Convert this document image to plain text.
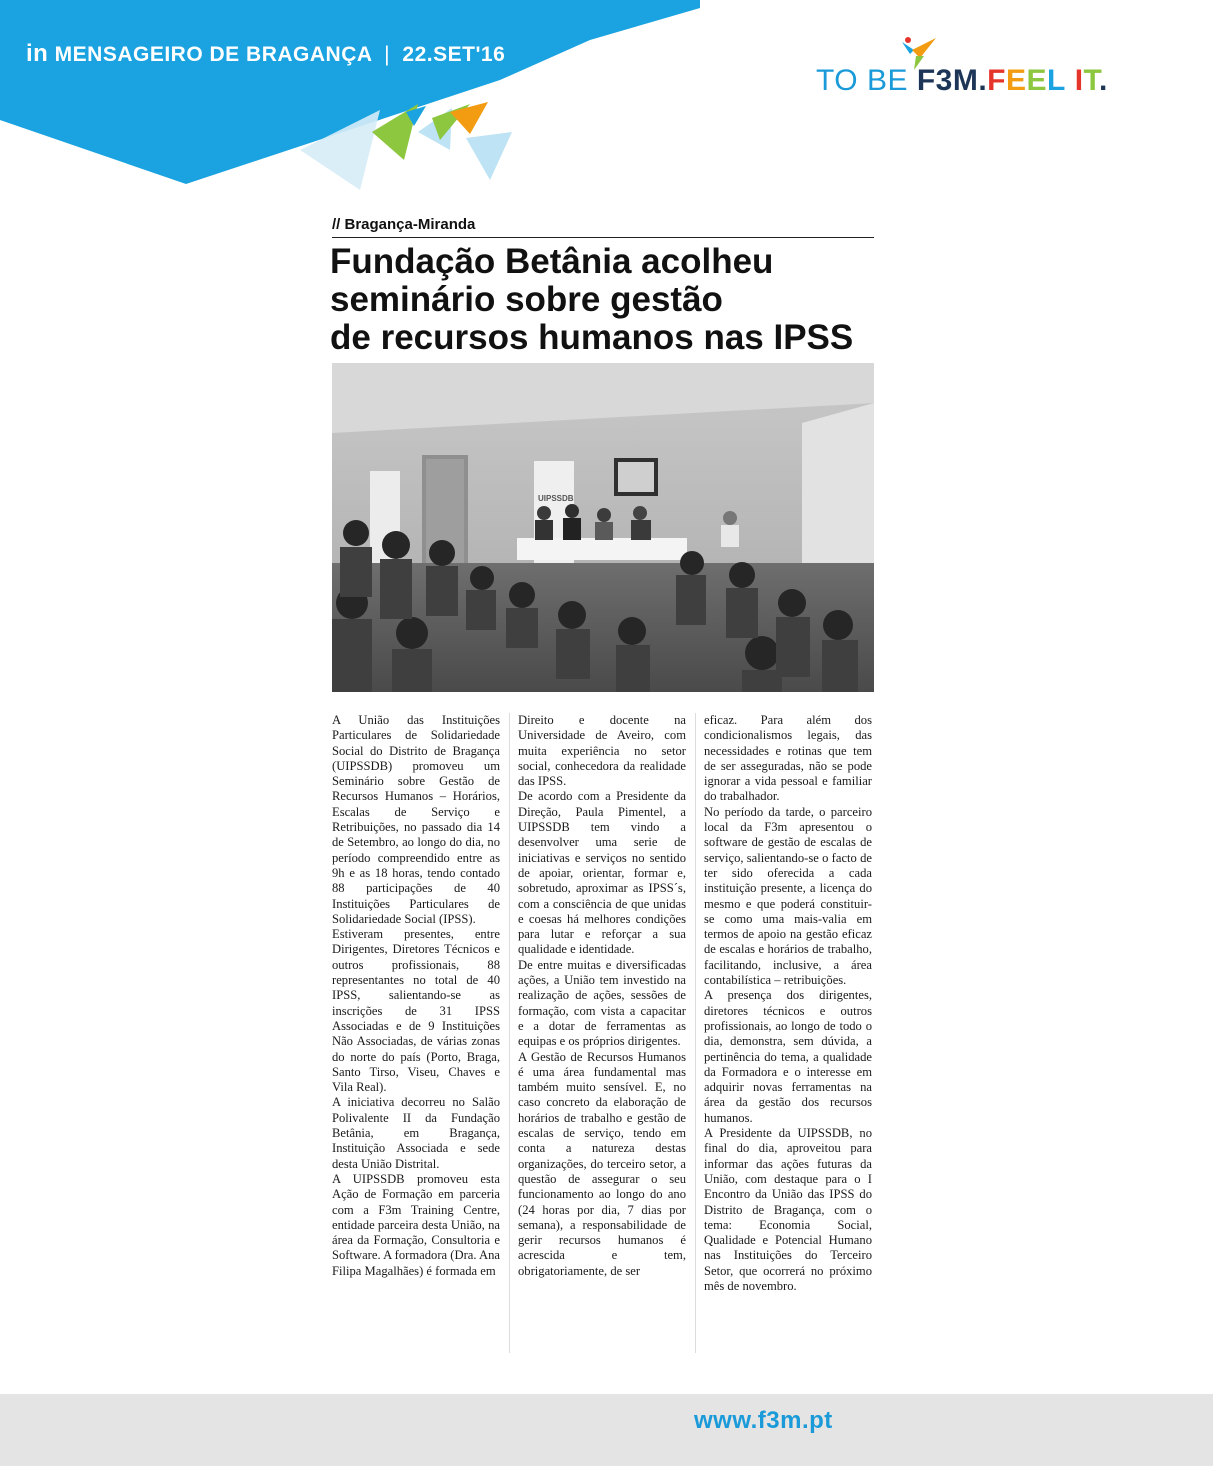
in MENSAGEIRO DE BRAGANÇA | 22.SET'16
TO BE F3M.FEEL IT.
// Bragança-Miranda
Fundação Betânia acolheu
seminário sobre gestão
de recursos humanos nas IPSS
UIPSSDB

A União das Instituições Particulares de Solidariedade Social do Distrito de Bragança (UIPSSDB) promoveu um Seminário sobre Gestão de Recursos Humanos – Horários, Escalas de Serviço e Retribuições, no passado dia 14 de Setembro, ao longo do dia, no período compreendido entre as 9h e as 18 horas, tendo contado 88 participações de 40 Instituições Particulares de Solidariedade Social (IPSS).

Estiveram presentes, entre Dirigentes, Diretores Técnicos e outros profissionais, 88 representantes no total de 40 IPSS, salientando-se as inscrições de 31 IPSS Associadas e de 9 Instituições Não Associadas, de várias zonas do norte do país (Porto, Braga, Santo Tirso, Viseu, Chaves e Vila Real).

A iniciativa decorreu no Salão Polivalente II da Fundação Betânia, em Bragança, Instituição Associada e sede desta União Distrital.

A UIPSSDB promoveu esta Ação de Formação em parceria com a F3m Training Centre, entidade parceira desta União, na área da Formação, Consultoria e Software. A formadora (Dra. Ana Filipa Magalhães) é formada em

Direito e docente na Universidade de Aveiro, com muita experiência no setor social, conhecedora da realidade das IPSS.

De acordo com a Presidente da Direção, Paula Pimentel, a UIPSSDB tem vindo a desenvolver uma serie de iniciativas e serviços no sentido de apoiar, orientar, formar e, sobretudo, aproximar as IPSS´s, com a consciência de que unidas e coesas há melhores condições para lutar e reforçar a sua qualidade e identidade.

De entre muitas e diversificadas ações, a União tem investido na realização de ações, sessões de formação, com vista a capacitar e a dotar de ferramentas as equipas e os próprios dirigentes.

A Gestão de Recursos Humanos é uma área fundamental mas também muito sensível. E, no caso concreto da elaboração de horários de trabalho e gestão de escalas de serviço, tendo em conta a natureza destas organizações, do terceiro setor, a questão de assegurar o seu funcionamento ao longo do ano (24 horas por dia, 7 dias por semana), a responsabilidade de gerir recursos humanos é acrescida e tem, obrigatoriamente, de ser

eficaz. Para além dos condicionalismos legais, das necessidades e rotinas que tem de ser asseguradas, não se pode ignorar a vida pessoal e familiar do trabalhador.

No período da tarde, o parceiro local da F3m apresentou o software de gestão de escalas de serviço, salientando-se o facto de ter sido oferecida a cada instituição presente, a licença do mesmo e que poderá constituir-se como uma mais-valia em termos de apoio na gestão eficaz de escalas e horários de trabalho, facilitando, inclusive, a área contabilística – retribuições.

A presença dos dirigentes, diretores técnicos e outros profissionais, ao longo de todo o dia, demonstra, sem dúvida, a pertinência do tema, a qualidade da Formadora e o interesse em adquirir novas ferramentas na área da gestão dos recursos humanos.

A Presidente da UIPSSDB, no final do dia, aproveitou para informar das ações futuras da União, com destaque para o I Encontro da União das IPSS do Distrito de Bragança, com o tema: Economia Social, Qualidade e Potencial Humano nas Instituições do Terceiro Setor, que ocorrerá no próximo mês de novembro.

www.f3m.pt
